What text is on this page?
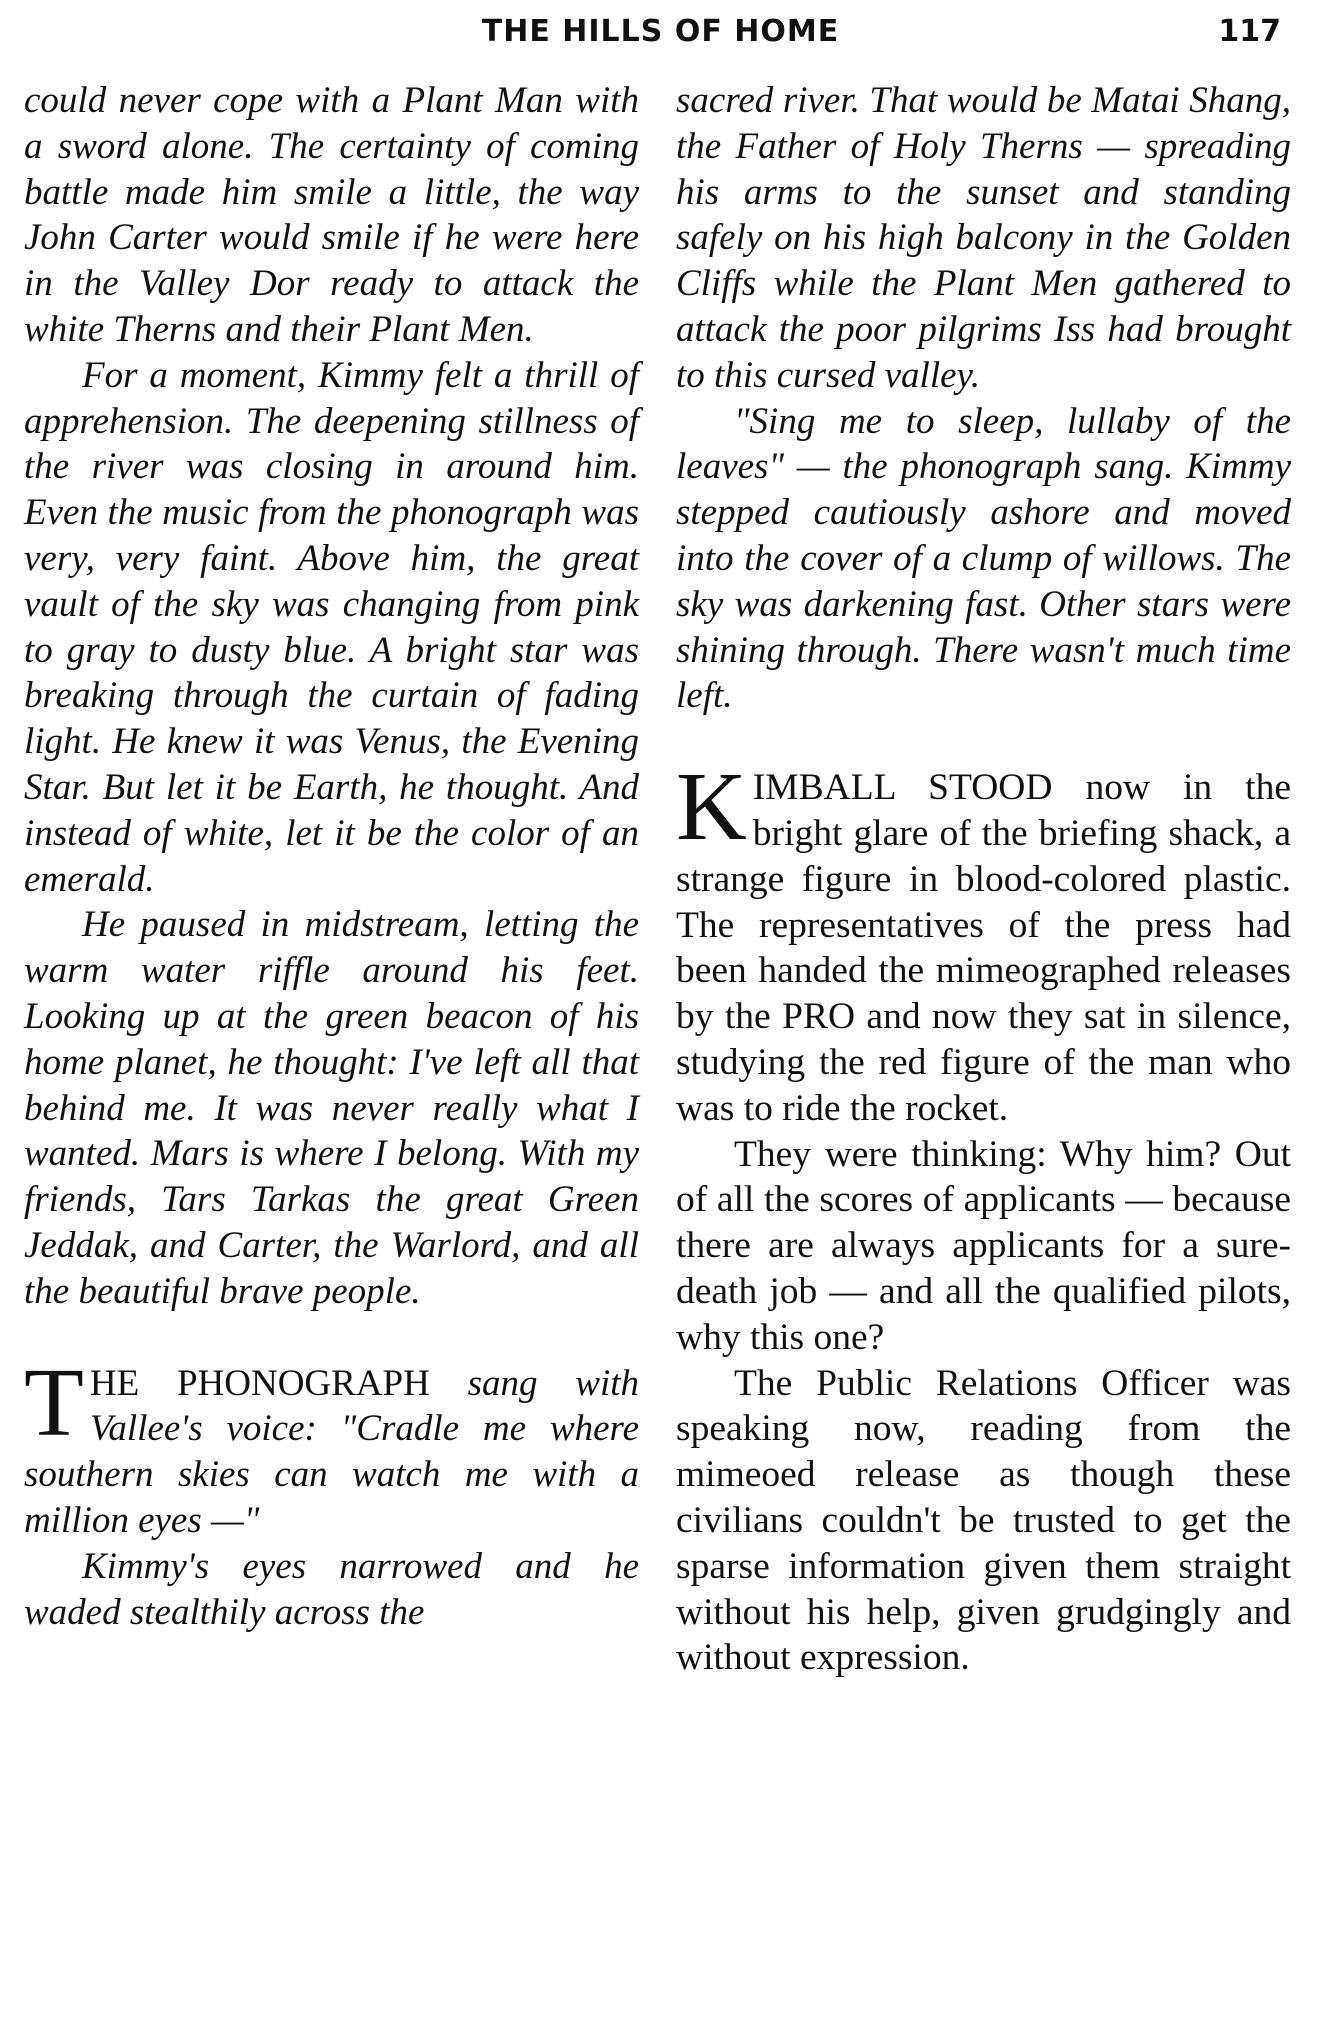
THE HILLS OF HOME	117

could never cope with a Plant Man with a sword alone. The certainty of coming battle made him smile a little, the way John Carter would smile if he were here in the Valley Dor ready to attack the white Therns and their Plant Men.

For a moment, Kimmy felt a thrill of apprehension. The deepening stillness of the river was closing in around him. Even the music from the phonograph was very, very faint. Above him, the great vault of the sky was changing from pink to gray to dusty blue. A bright star was breaking through the curtain of fading light. He knew it was Venus, the Evening Star. But let it be Earth, he thought. And instead of white, let it be the color of an emerald.

He paused in midstream, letting the warm water riffle around his feet. Looking up at the green beacon of his home planet, he thought: I've left all that behind me. It was never really what I wanted. Mars is where I belong. With my friends, Tars Tarkas the great Green Jeddak, and Carter, the Warlord, and all the beautiful brave people.

THE PHONOGRAPH sang with Vallee's voice: "Cradle me where southern skies can watch me with a million eyes —"

Kimmy's eyes narrowed and he waded stealthily across the

sacred river. That would be Matai Shang, the Father of Holy Therns — spreading his arms to the sunset and standing safely on his high balcony in the Golden Cliffs while the Plant Men gathered to attack the poor pilgrims Iss had brought to this cursed valley.

"Sing me to sleep, lullaby of the leaves" — the phonograph sang. Kimmy stepped cautiously ashore and moved into the cover of a clump of willows. The sky was darkening fast. Other stars were shining through. There wasn't much time left.

KIMBALL STOOD now in the bright glare of the briefing shack, a strange figure in blood-colored plastic. The representatives of the press had been handed the mimeographed releases by the PRO and now they sat in silence, studying the red figure of the man who was to ride the rocket.

They were thinking: Why him? Out of all the scores of applicants — because there are always applicants for a sure-death job — and all the qualified pilots, why this one?

The Public Relations Officer was speaking now, reading from the mimeoed release as though these civilians couldn't be trusted to get the sparse information given them straight without his help, given grudgingly and without expression.
